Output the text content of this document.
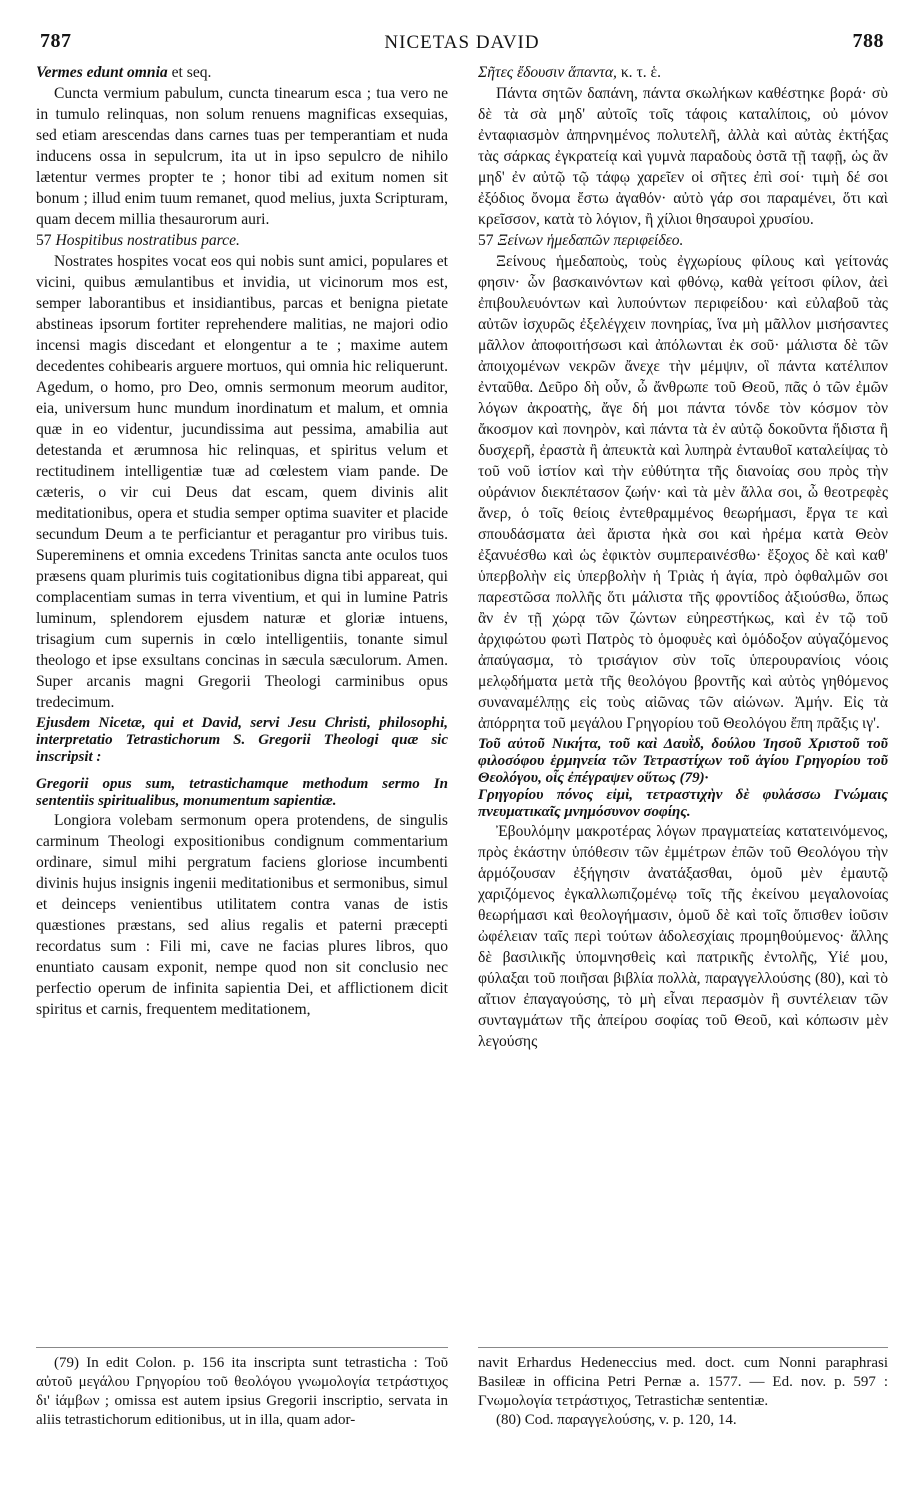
787	NICETAS DAVID	788

Vermes edunt omnia et seq.

Cuncta vermium pabulum, cuncta tinearum esca ; tua vero ne in tumulo relinquas, non solum renuens magnificas exsequias, sed etiam arescendas dans carnes tuas per temperantiam et nuda inducens ossa in sepulcrum, ita ut in ipso sepulcro de nihilo lætentur vermes propter te ; honor tibi ad exitum nomen sit bonum ; illud enim tuum remanet, quod melius, juxta Scripturam, quam decem millia thesaurorum auri.

57 Hospitibus nostratibus parce.

Nostrates hospites vocat eos qui nobis sunt amici, populares et vicini, quibus æmulantibus et invidia, ut vicinorum mos est, semper laborantibus et insidiantibus, parcas et benigna pietate abstineas ipsorum fortiter reprehendere malitias, ne majori odio incensi magis discedant et elongentur a te ; maxime autem decedentes cohibearis arguere mortuos, qui omnia hic reliquerunt. Agedum, o homo, pro Deo, omnis sermonum meorum auditor, eia, universum hunc mundum inordinatum et malum, et omnia quæ in eo videntur, jucundissima aut pessima, amabilia aut detestanda et ærumnosa hic relinquas, et spiritus velum et rectitudinem intelligentiæ tuæ ad cœlestem viam pande. De cæteris, o vir cui Deus dat escam, quem divinis alit meditationibus, opera et studia semper optima suaviter et placide secundum Deum a te perficiantur et peragantur pro viribus tuis. Supereminens et omnia excedens Trinitas sancta ante oculos tuos præsens quam plurimis tuis cogitationibus digna tibi appareat, qui complacentiam sumas in terra viventium, et qui in lumine Patris luminum, splendorem ejusdem naturæ et gloriæ intuens, trisagium cum supernis in cœlo intelligentiis, tonante simul theologo et ipse exsultans concinas in sæcula sæculorum. Amen. Super arcanis magni Gregorii Theologi carminibus opus tredecimum.

Ejusdem Nicetæ, qui et David, servi Jesu Christi, philosophi, interpretatio Tetrastichorum S. Gregorii Theologi quæ sic inscripsit :
Gregorii opus sum, tetrastichamque methodum sermo In sententiis spiritualibus, monumentum sapientiæ.

Longiora volebam sermonum opera protendens, de singulis carminum Theologi expositionibus condignum commentarium ordinare, simul mihi pergratum faciens gloriose incumbenti divinis hujus insignis ingenii meditationibus et sermonibus, simul et deinceps venientibus utilitatem contra vanas de istis quæstiones præstans, sed alius regalis et paterni præcepti recordatus sum : Fili mi, cave ne facias plures libros, quo enuntiato causam exponit, nempe quod non sit conclusio nec perfectio operum de infinita sapientia Dei, et afflictionem dicit spiritus et carnis, frequentem meditationem,

Σῆτες ἔδουσιν ἅπαντα, κ. τ. ἑ.

Πάντα σητῶν δαπάνη, πάντα σκωλήκων καθέστηκε βορά· σὺ δὲ τὰ σὰ μηδ' αὐτοῖς τοῖς τάφοις καταλίποις, οὐ μόνον ἐνταφιασμὸν ἀπηρνημένος πολυτελῆ, ἀλλὰ καὶ αὐτὰς ἐκτήξας τὰς σάρκας ἐγκρατείᾳ καὶ γυμνὰ παραδοὺς ὀστᾶ τῇ ταφῇ, ὡς ἂν μηδ' ἐν αὐτῷ τῷ τάφῳ χαρεῖεν οἱ σῆτες ἐπὶ σοί· τιμὴ δέ σοι ἐξόδιος ὄνομα ἔστω ἀγαθόν· αὐτὸ γάρ σοι παραμένει, ὅτι καὶ κρεῖσσον, κατὰ τὸ λόγιον, ἢ χίλιοι θησαυροὶ χρυσίου.

57 Ξείνων ἡμεδαπῶν περιφείδεο.

Ξείνους ἡμεδαποὺς, τοὺς ἐγχωρίους φίλους καὶ γείτονάς φησιν· ὧν βασκαινόντων καὶ φθόνῳ, καθὰ γείτοσι φίλον, ἀεὶ ἐπιβουλευόντων καὶ λυπούντων περιφείδου· καὶ εὐλαβοῦ τὰς αὐτῶν ἰσχυρῶς ἐξελέγχειν πονηρίας, ἵνα μὴ μᾶλλον μισήσαντες μᾶλλον ἀποφοιτήσωσι καὶ ἀπόλωνται ἐκ σοῦ· μάλιστα δὲ τῶν ἀποιχομένων νεκρῶν ἄνεχε τὴν μέμψιν, οἳ πάντα κατέλιπον ἐνταῦθα. Δεῦρο δὴ οὖν, ὦ ἄνθρωπε τοῦ Θεοῦ, πᾶς ὁ τῶν ἐμῶν λόγων ἀκροατὴς, ἄγε δή μοι πάντα τόνδε τὸν κόσμον τὸν ἄκοσμον καὶ πονηρὸν, καὶ πάντα τὰ ἐν αὐτῷ δοκοῦντα ἥδιστα ἢ δυσχερῆ, ἐραστὰ ἢ ἀπευκτὰ καὶ λυπηρὰ ἐνταυθοῖ καταλείψας τὸ τοῦ νοῦ ἱστίον καὶ τὴν εὐθύτητα τῆς διανοίας σου πρὸς τὴν οὐράνιον διεκπέτασον ζωήν· καὶ τὰ μὲν ἄλλα σοι, ὦ θεοτρεφὲς ἄνερ, ὁ τοῖς θείοις ἐντεθραμμένος θεωρήμασι, ἔργα τε καὶ σπουδάσματα ἀεὶ ἄριστα ἠκὰ σοι καὶ ἠρέμα κατὰ Θεὸν ἐξανυέσθω καὶ ὡς ἐφικτὸν συμπεραινέσθω· ἔξοχος δὲ καὶ καθ' ὑπερβολὴν εἰς ὑπερβολὴν ἡ Τριὰς ἡ ἁγία, πρὸ ὀφθαλμῶν σοι παρεστῶσα πολλῆς ὅτι μάλιστα τῆς φροντίδος ἀξιούσθω, ὅπως ἂν ἐν τῇ χώρᾳ τῶν ζώντων εὐηρεστήκως, καὶ ἐν τῷ τοῦ ἀρχιφώτου φωτὶ Πατρὸς τὸ ὁμοφυὲς καὶ ὁμόδοξον αὐγαζόμενος ἀπαύγασμα, τὸ τρισάγιον σὺν τοῖς ὑπερουρανίοις νόοις μελῳδήματα μετὰ τῆς θεολόγου βροντῆς καὶ αὐτὸς γηθόμενος συναναμέλπῃς εἰς τοὺς αἰῶνας τῶν αἰώνων. Ἀμήν. Εἰς τὰ ἀπόρρητα τοῦ μεγάλου Γρηγορίου τοῦ Θεολόγου ἔπη πρᾶξις ιγ'.

Τοῦ αὐτοῦ Νικήτα, τοῦ καὶ Δαυῒδ, δούλου Ἰησοῦ Χριστοῦ τοῦ φιλοσόφου ἑρμηνεία τῶν Τετραστίχων τοῦ ἁγίου Γρηγορίου τοῦ Θεολόγου, οἷς ἐπέγραψεν οὕτως (79)·
Γρηγορίου πόνος εἰμὶ, τετραστιχὴν δὲ φυλάσσω Γνώμαις πνευματικαῖς μνημόσυνον σοφίης.

Ἐβουλόμην μακροτέρας λόγων πραγματείας κατατεινόμενος, πρὸς ἑκάστην ὑπόθεσιν τῶν ἐμμέτρων ἐπῶν τοῦ Θεολόγου τὴν ἁρμόζουσαν ἐξήγησιν ἀνατάξασθαι, ὁμοῦ μὲν ἐμαυτῷ χαριζόμενος ἐγκαλλωπιζομένῳ τοῖς τῆς ἐκείνου μεγαλονοίας θεωρήμασι καὶ θεολογήμασιν, ὁμοῦ δὲ καὶ τοῖς ὄπισθεν ἰοῦσιν ὠφέλειαν ταῖς περὶ τούτων ἀδολεσχίαις προμηθούμενος· ἄλλης δὲ βασιλικῆς ὑπομνησθεὶς καὶ πατρικῆς ἐντολῆς, Υἱέ μου, φύλαξαι τοῦ ποιῆσαι βιβλία πολλὰ, παραγγελλούσης (80), καὶ τὸ αἴτιον ἐπαγαγούσης, τὸ μὴ εἶναι περασμὸν ἢ συντέλειαν τῶν συνταγμάτων τῆς ἀπείρου σοφίας τοῦ Θεοῦ, καὶ κόπωσιν μὲν λεγούσης

(79) In edit Colon. p. 156 ita inscripta sunt tetrasticha : Τοῦ αὐτοῦ μεγάλου Γρηγορίου τοῦ θεολόγου γνωμολογία τετράστιχος δι' ἰάμβων ; omissa est autem ipsius Gregorii inscriptio, servata in aliis tetrastichorum editionibus, ut in illa, quam ador-

navit Erhardus Hedeneccius med. doct. cum Nonni paraphrasi Basileæ in officina Petri Pernæ a. 1577. — Ed. nov. p. 597 : Γνωμολογία τετράστιχος, Tetrastichæ sententiæ.

(80) Cod. παραγγελούσης, v. p. 120, 14.
